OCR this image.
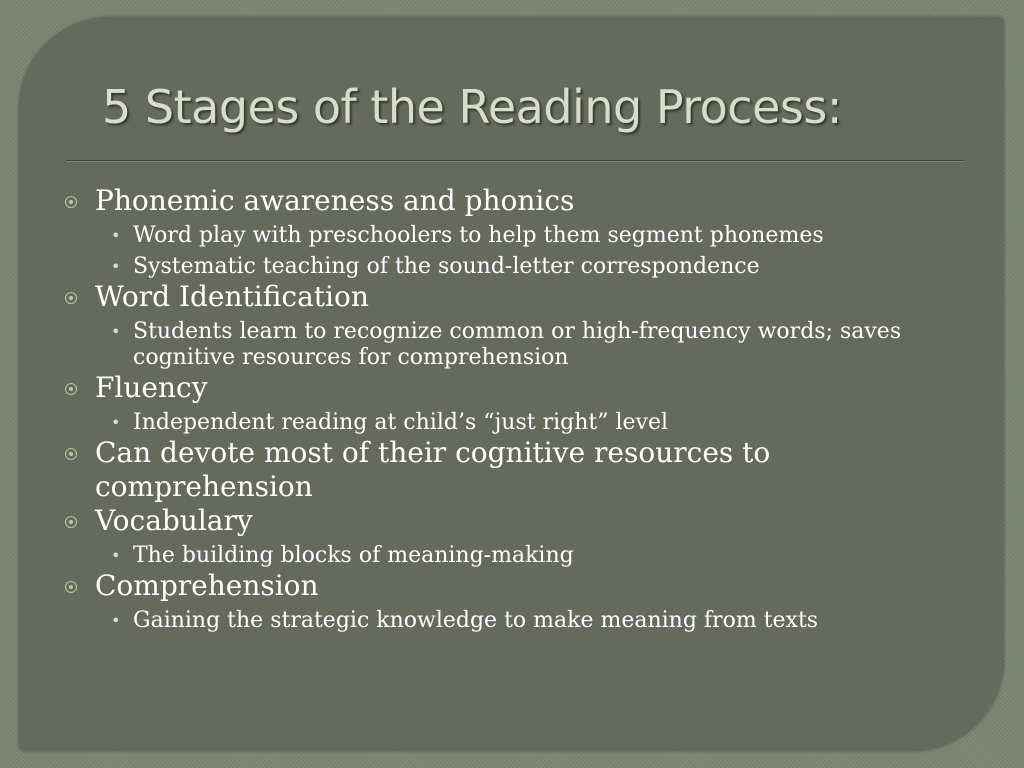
5 Stages of the Reading Process:
Phonemic awareness and phonics
• Word play with preschoolers to help them segment phonemes
• Systematic teaching of the sound-letter correspondence
Word Identification
• Students learn to recognize common or high-frequency words; saves cognitive resources for comprehension
Fluency
• Independent reading at child’s “just right” level
Can devote most of their cognitive resources to comprehension
Vocabulary
• The building blocks of meaning-making
Comprehension
• Gaining the strategic knowledge to make meaning from texts
